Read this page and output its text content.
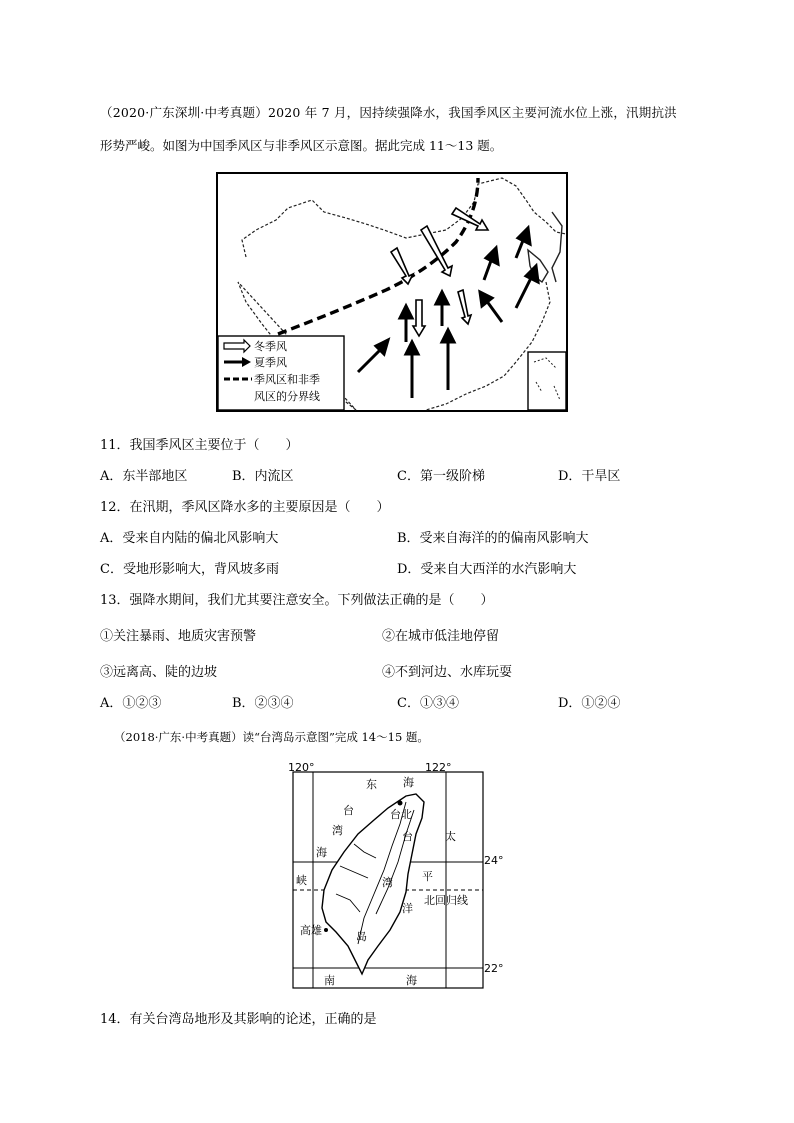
（2020·广东深圳·中考真题）2020 年 7 月，因持续强降水，我国季风区主要河流水位上涨，汛期抗洪
形势严峻。如图为中国季风区与非季风区示意图。据此完成 11～13 题。
冬季风
夏季风
季风区和非季
风区的分界线
11．我国季风区主要位于（　　）
A．东半部地区	B．内流区	C．第一级阶梯	D．干旱区
12．在汛期，季风区降水多的主要原因是（　　）
A．受来自内陆的偏北风影响大	B．受来自海洋的的偏南风影响大
C．受地形影响大，背风坡多雨	D．受来自大西洋的水汽影响大
13．强降水期间，我们尤其要注意安全。下列做法正确的是（　　）
①关注暴雨、地质灾害预警	②在城市低洼地停留
③远离高、陡的边坡	④不到河边、水库玩耍
A．①②③	B．②③④	C．①③④	D．①②④
（2018·广东·中考真题）读“台湾岛示意图”完成 14～15 题。
120°	122°
24°
22°
东 海
台北
台
湾
海
峡
太
台
湾	平
洋
北回归线
高雄	岛
南	海
14．有关台湾岛地形及其影响的论述，正确的是
